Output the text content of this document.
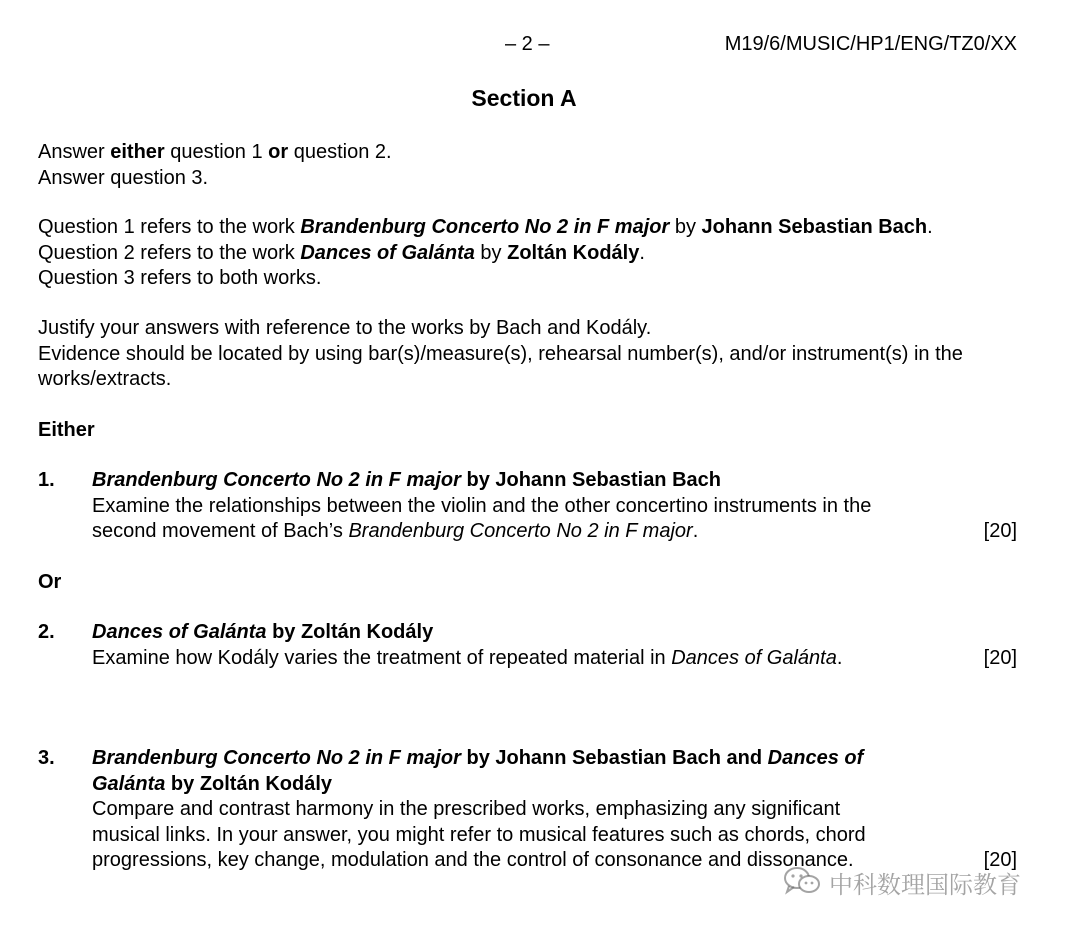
– 2 –	M19/6/MUSIC/HP1/ENG/TZ0/XX
Section A
Answer either question 1 or question 2.
Answer question 3.
Question 1 refers to the work Brandenburg Concerto No 2 in F major by Johann Sebastian Bach.
Question 2 refers to the work Dances of Galánta by Zoltán Kodály.
Question 3 refers to both works.
Justify your answers with reference to the works by Bach and Kodály.
Evidence should be located by using bar(s)/measure(s), rehearsal number(s), and/or instrument(s) in the
works/extracts.
Either
1. Brandenburg Concerto No 2 in F major by Johann Sebastian Bach
Examine the relationships between the violin and the other concertino instruments in the
second movement of Bach’s Brandenburg Concerto No 2 in F major.	[20]
Or
2. Dances of Galánta by Zoltán Kodály
Examine how Kodály varies the treatment of repeated material in Dances of Galánta.	[20]
3. Brandenburg Concerto No 2 in F major by Johann Sebastian Bach and Dances of
Galánta by Zoltán Kodály
Compare and contrast harmony in the prescribed works, emphasizing any significant
musical links. In your answer, you might refer to musical features such as chords, chord
progressions, key change, modulation and the control of consonance and dissonance.	[20]
中科数理国际教育
